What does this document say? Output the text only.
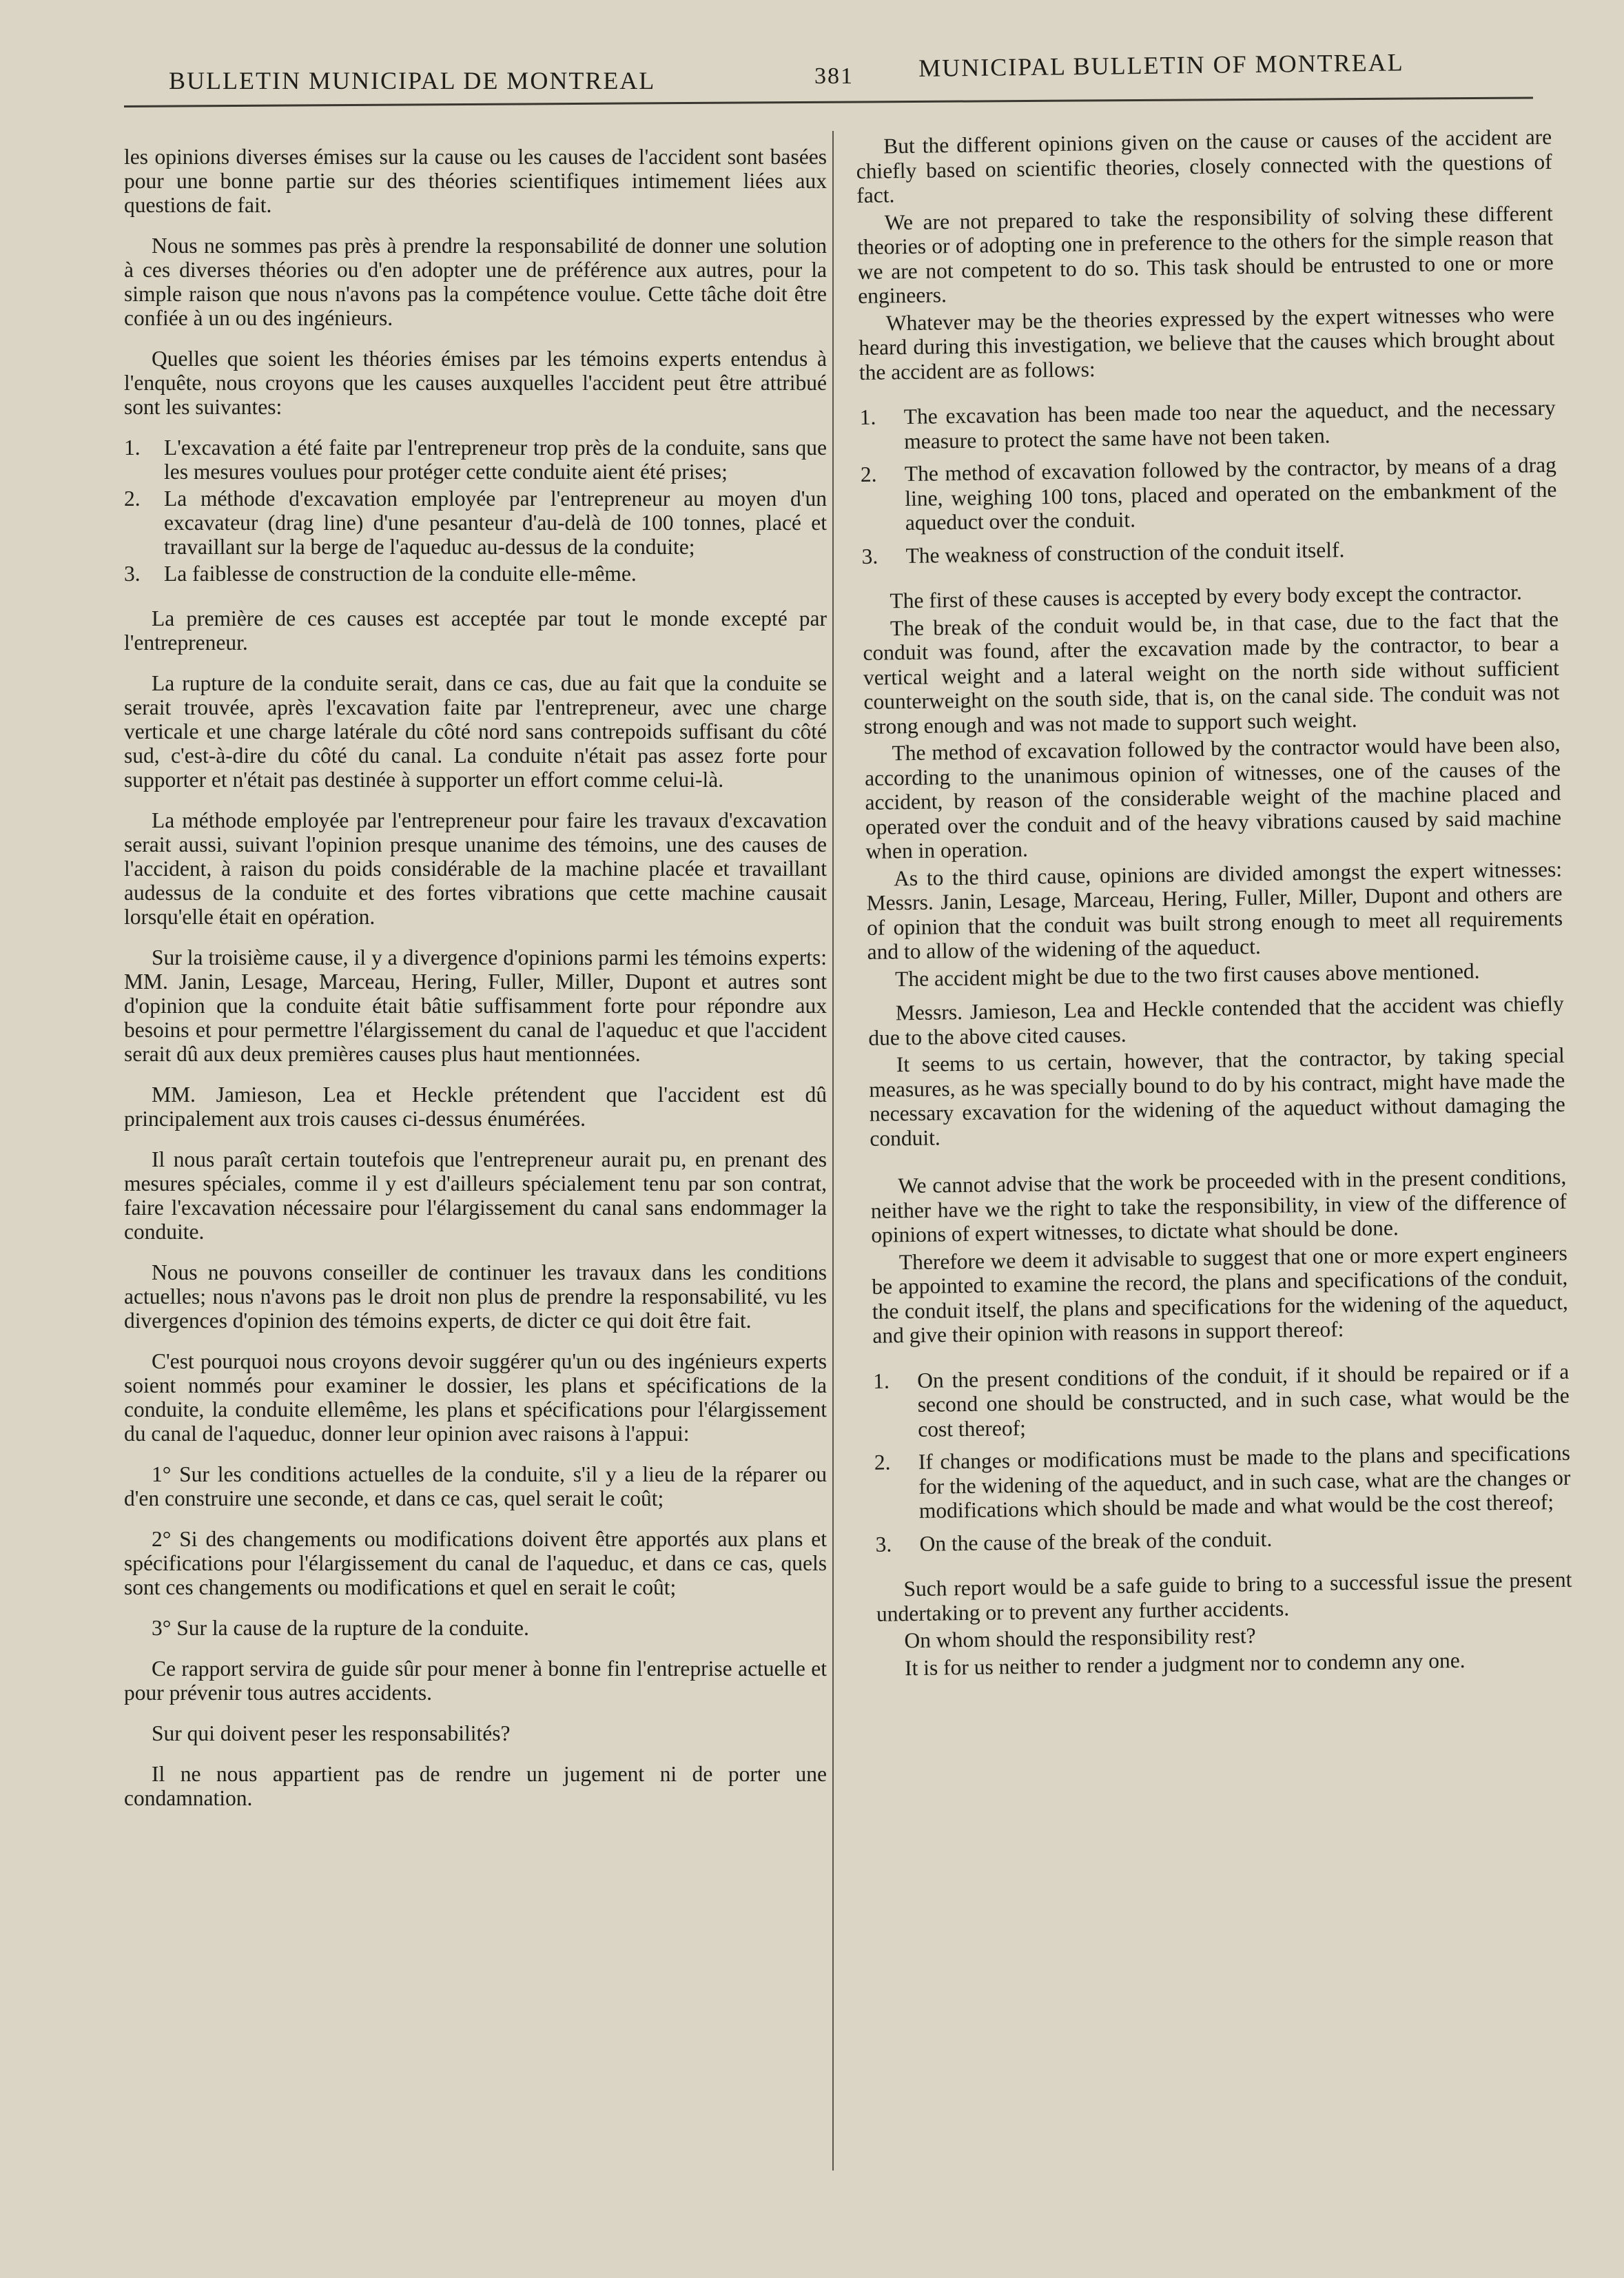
BULLETIN MUNICIPAL DE MONTREAL	381	MUNICIPAL BULLETIN OF MONTREAL

les opinions diverses émises sur la cause ou les causes de l'accident sont basées pour une bonne partie sur des théories scientifiques intimement liées aux questions de fait.

Nous ne sommes pas près à prendre la responsabilité de donner une solution à ces diverses théories ou d'en adopter une de préférence aux autres, pour la simple raison que nous n'avons pas la compétence voulue. Cette tâche doit être confiée à un ou des ingénieurs.

Quelles que soient les théories émises par les témoins experts entendus à l'enquête, nous croyons que les causes auxquelles l'accident peut être attribué sont les suivantes:

1.	L'excavation a été faite par l'entrepreneur trop près de la conduite, sans que les mesures voulues pour protéger cette conduite aient été prises;
2.	La méthode d'excavation employée par l'entrepreneur au moyen d'un excavateur (drag line) d'une pesanteur d'au-delà de 100 tonnes, placé et travaillant sur la berge de l'aqueduc au-dessus de la conduite;
3.	La faiblesse de construction de la conduite elle-même.

La première de ces causes est acceptée par tout le monde excepté par l'entrepreneur.

La rupture de la conduite serait, dans ce cas, due au fait que la conduite se serait trouvée, après l'excavation faite par l'entrepreneur, avec une charge verticale et une charge latérale du côté nord sans contrepoids suffisant du côté sud, c'est-à-dire du côté du canal. La conduite n'était pas assez forte pour supporter et n'était pas destinée à supporter un effort comme celui-là.

La méthode employée par l'entrepreneur pour faire les travaux d'excavation serait aussi, suivant l'opinion presque unanime des témoins, une des causes de l'accident, à raison du poids considérable de la machine placée et travaillant audessus de la conduite et des fortes vibrations que cette machine causait lorsqu'elle était en opération.

Sur la troisième cause, il y a divergence d'opinions parmi les témoins experts: MM. Janin, Lesage, Marceau, Hering, Fuller, Miller, Dupont et autres sont d'opinion que la conduite était bâtie suffisamment forte pour répondre aux besoins et pour permettre l'élargissement du canal de l'aqueduc et que l'accident serait dû aux deux premières causes plus haut mentionnées.

MM. Jamieson, Lea et Heckle prétendent que l'accident est dû principalement aux trois causes ci-dessus énumérées.

Il nous paraît certain toutefois que l'entrepreneur aurait pu, en prenant des mesures spéciales, comme il y est d'ailleurs spécialement tenu par son contrat, faire l'excavation nécessaire pour l'élargissement du canal sans endommager la conduite.

Nous ne pouvons conseiller de continuer les travaux dans les conditions actuelles; nous n'avons pas le droit non plus de prendre la responsabilité, vu les divergences d'opinion des témoins experts, de dicter ce qui doit être fait.

C'est pourquoi nous croyons devoir suggérer qu'un ou des ingénieurs experts soient nommés pour examiner le dossier, les plans et spécifications de la conduite, la conduite ellemême, les plans et spécifications pour l'élargissement du canal de l'aqueduc, donner leur opinion avec raisons à l'appui:

1° Sur les conditions actuelles de la conduite, s'il y a lieu de la réparer ou d'en construire une seconde, et dans ce cas, quel serait le coût;

2° Si des changements ou modifications doivent être apportés aux plans et spécifications pour l'élargissement du canal de l'aqueduc, et dans ce cas, quels sont ces changements ou modifications et quel en serait le coût;

3° Sur la cause de la rupture de la conduite.

Ce rapport servira de guide sûr pour mener à bonne fin l'entreprise actuelle et pour prévenir tous autres accidents.

Sur qui doivent peser les responsabilités?

Il ne nous appartient pas de rendre un jugement ni de porter une condamnation.

But the different opinions given on the cause or causes of the accident are chiefly based on scientific theories, closely connected with the questions of fact.

We are not prepared to take the responsibility of solving these different theories or of adopting one in preference to the others for the simple reason that we are not competent to do so. This task should be entrusted to one or more engineers.

Whatever may be the theories expressed by the expert witnesses who were heard during this investigation, we believe that the causes which brought about the accident are as follows:

1.	The excavation has been made too near the aqueduct, and the necessary measure to protect the same have not been taken.
2.	The method of excavation followed by the contractor, by means of a drag line, weighing 100 tons, placed and operated on the embankment of the aqueduct over the conduit.
3.	The weakness of construction of the conduit itself.

The first of these causes is accepted by every body except the contractor.

The break of the conduit would be, in that case, due to the fact that the conduit was found, after the excavation made by the contractor, to bear a vertical weight and a lateral weight on the north side without sufficient counterweight on the south side, that is, on the canal side. The conduit was not strong enough and was not made to support such weight.

The method of excavation followed by the contractor would have been also, according to the unanimous opinion of witnesses, one of the causes of the accident, by reason of the considerable weight of the machine placed and operated over the conduit and of the heavy vibrations caused by said machine when in operation.

As to the third cause, opinions are divided amongst the expert witnesses: Messrs. Janin, Lesage, Marceau, Hering, Fuller, Miller, Dupont and others are of opinion that the conduit was built strong enough to meet all requirements and to allow of the widening of the aqueduct.

The accident might be due to the two first causes above mentioned.

Messrs. Jamieson, Lea and Heckle contended that the accident was chiefly due to the above cited causes.

It seems to us certain, however, that the contractor, by taking special measures, as he was specially bound to do by his contract, might have made the necessary excavation for the widening of the aqueduct without damaging the conduit.

We cannot advise that the work be proceeded with in the present conditions, neither have we the right to take the responsibility, in view of the difference of opinions of expert witnesses, to dictate what should be done.

Therefore we deem it advisable to suggest that one or more expert engineers be appointed to examine the record, the plans and specifications of the conduit, the conduit itself, the plans and specifications for the widening of the aqueduct, and give their opinion with reasons in support thereof:

1.	On the present conditions of the conduit, if it should be repaired or if a second one should be constructed, and in such case, what would be the cost thereof;
2.	If changes or modifications must be made to the plans and specifications for the widening of the aqueduct, and in such case, what are the changes or modifications which should be made and what would be the cost thereof;
3.	On the cause of the break of the conduit.

Such report would be a safe guide to bring to a successful issue the present undertaking or to prevent any further accidents.

On whom should the responsibility rest?

It is for us neither to render a judgment nor to condemn any one.
